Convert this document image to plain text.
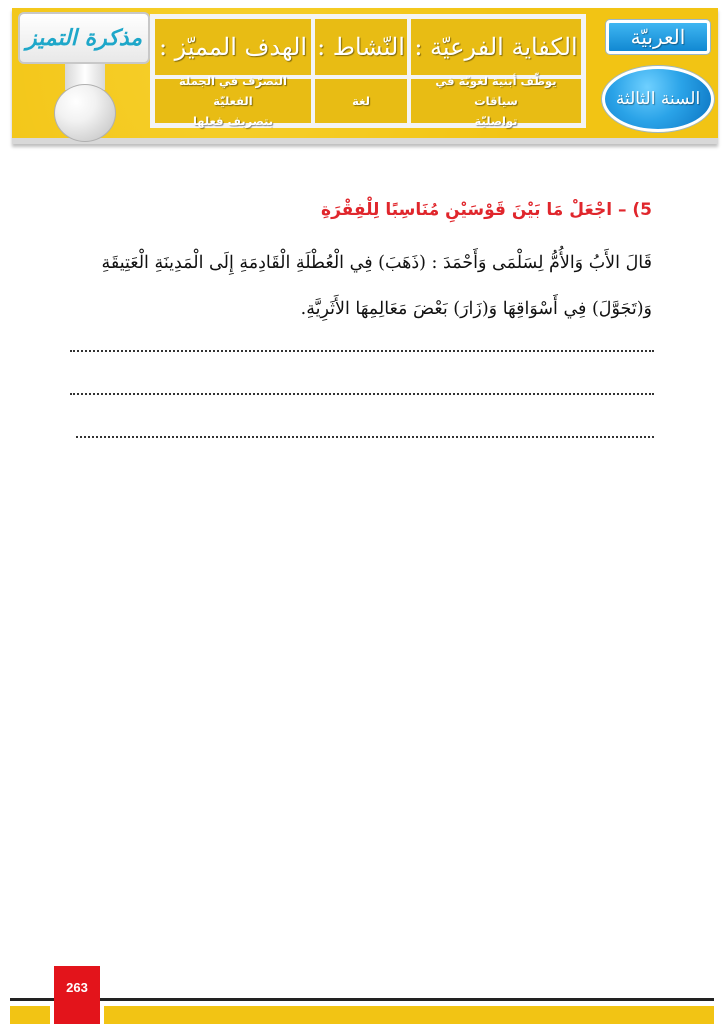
مذكرة التميز الهدف المميّز : النّشاط : الكفاية الفرعيّة :
التصرّف في الجملة الفعليّة
بتصريف فعلها
لغة
يوظّف أبنية لغويّة في سياقات
تواصليّة
العربيّة
السنة الثالثة
5) – اجْعَلْ مَا بَيْنَ قَوْسَيْنِ مُنَاسِبًا لِلْفِقْرَةِ
قَالَ الأَبُ وَالأُمُّ لِسَلْمَى وَأَحْمَدَ : (ذَهَبَ) فِي الْعُطْلَةِ الْقَادِمَةِ إِلَى الْمَدِينَةِ الْعَتِيقَةِ
وَ(تَجَوَّلَ) فِي أَسْوَاقِهَا وَ(زَارَ) بَعْضَ مَعَالِمِهَا الأَثَرِيَّةِ.
263
